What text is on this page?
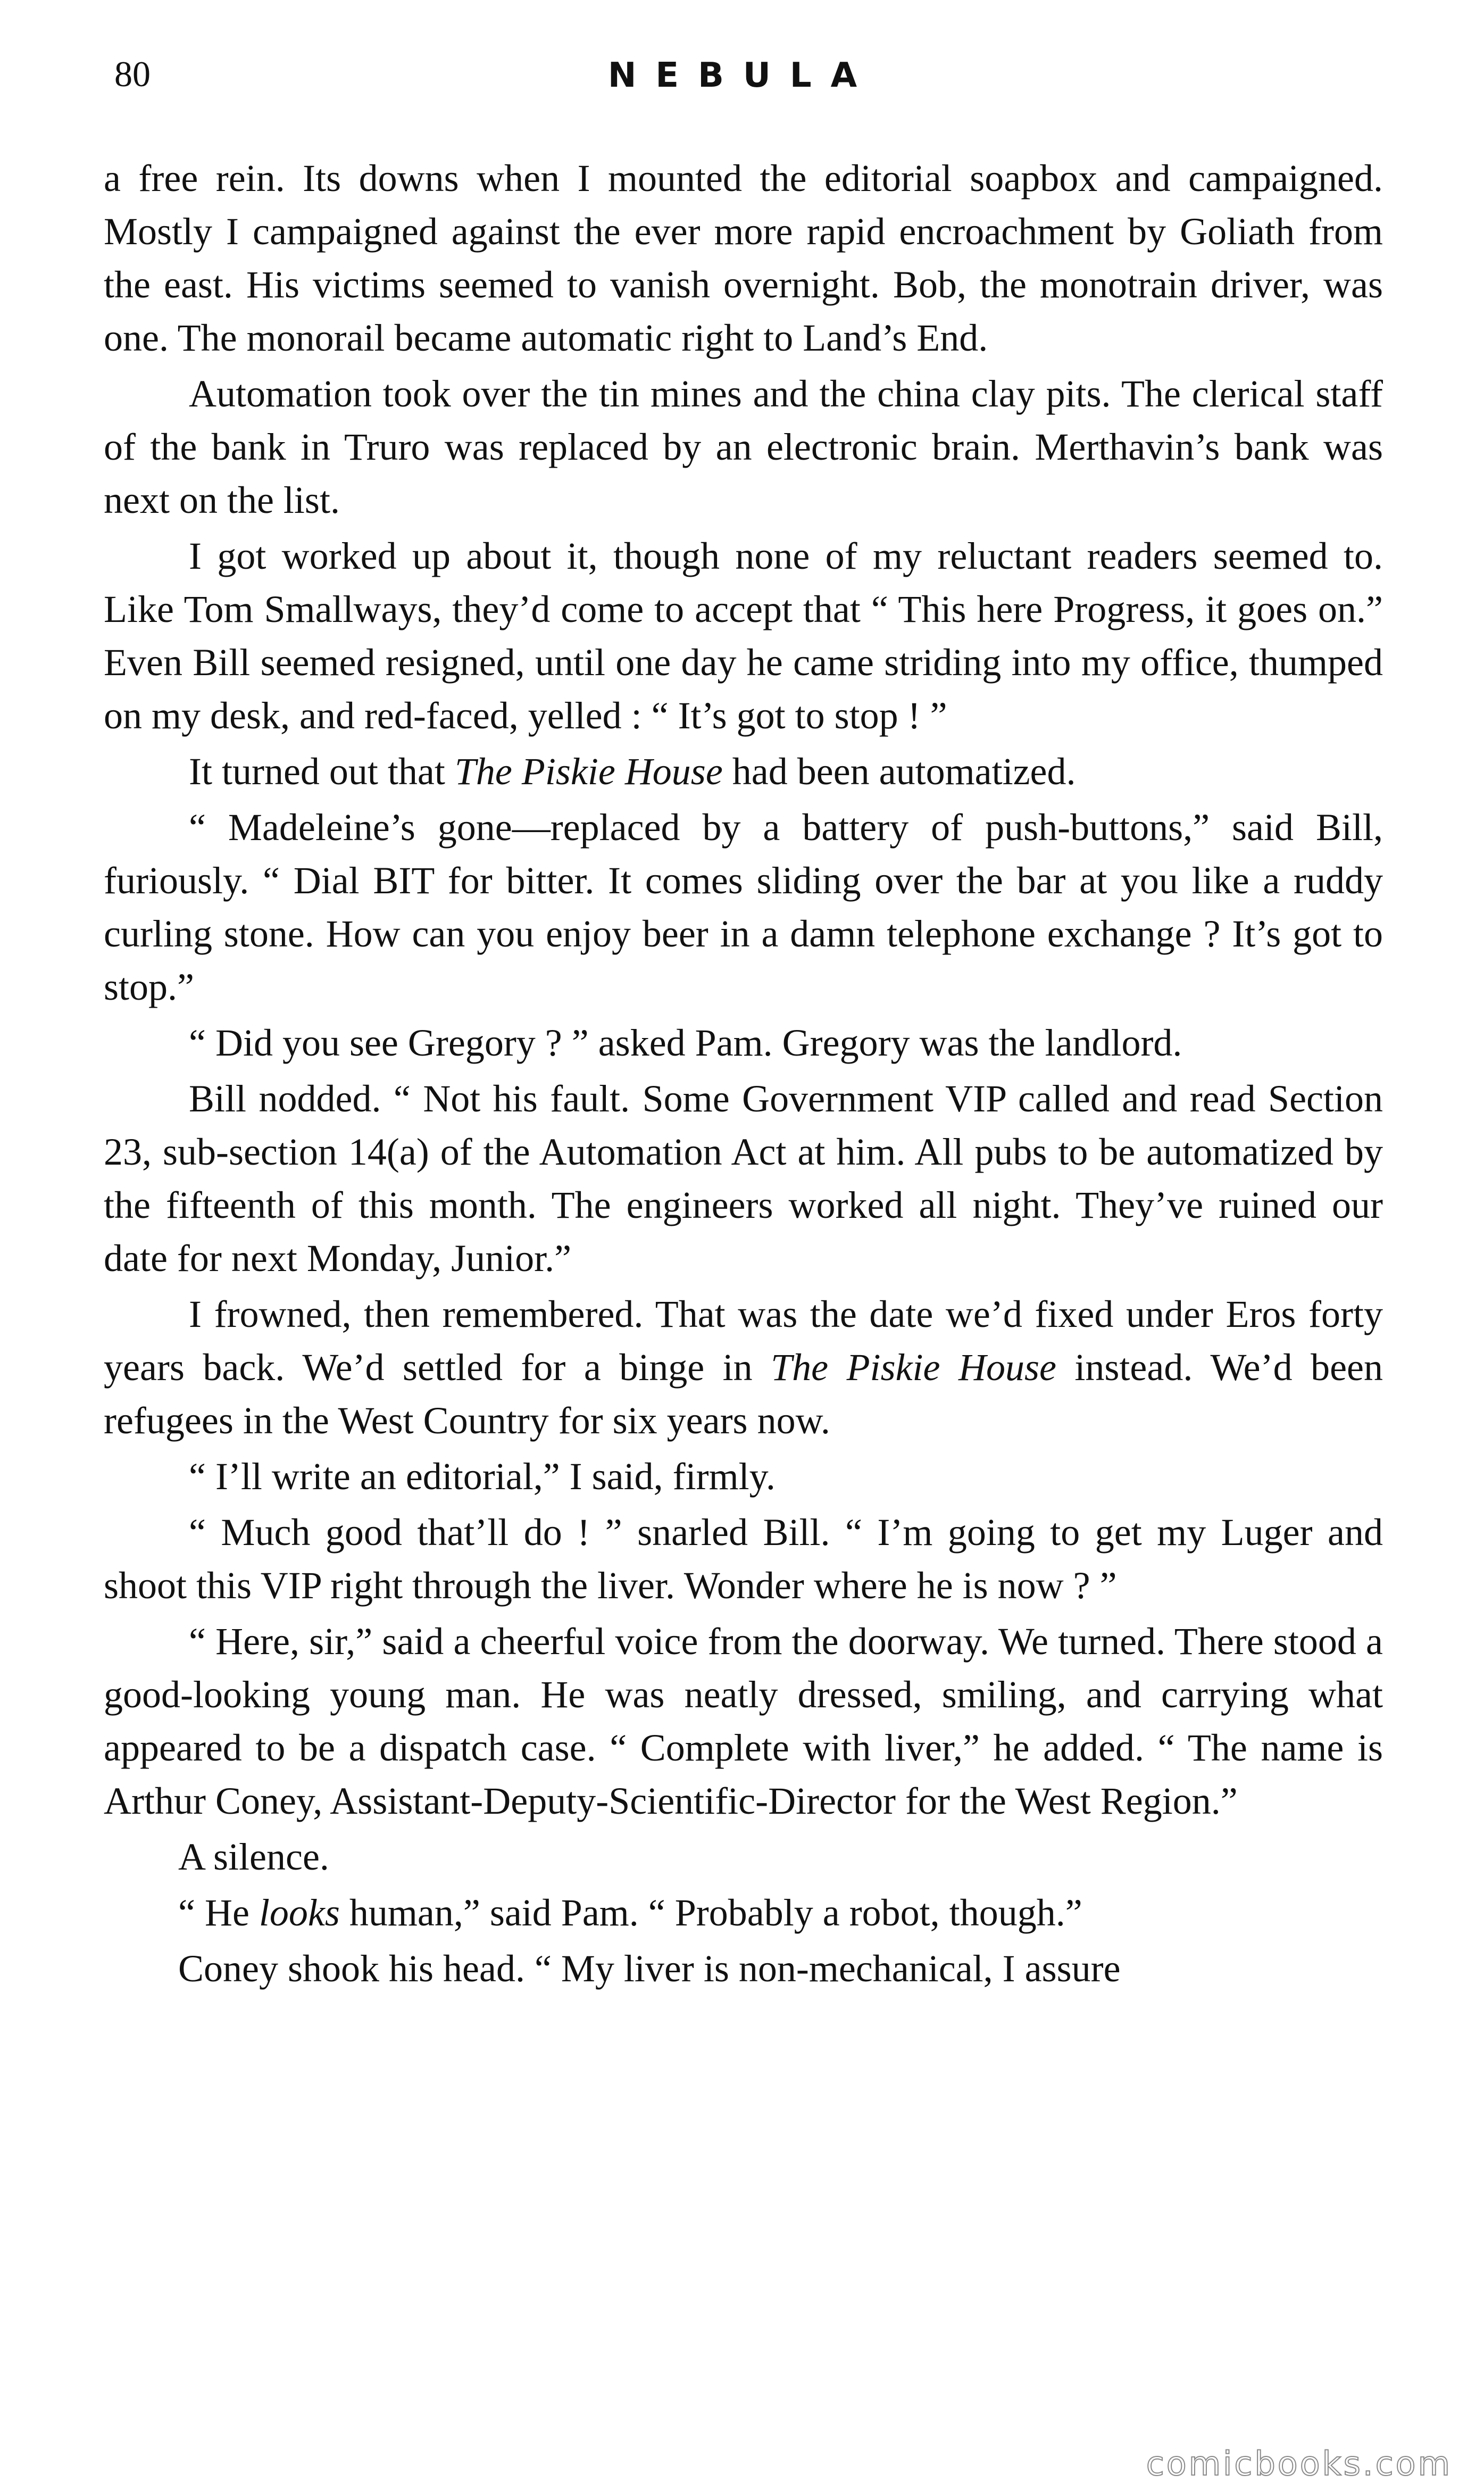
80	NEBULA

a free rein. Its downs when I mounted the editorial soapbox and campaigned. Mostly I campaigned against the ever more rapid encroachment by Goliath from the east. His victims seemed to vanish overnight. Bob, the monotrain driver, was one. The monorail became automatic right to Land’s End.

Automation took over the tin mines and the china clay pits. The clerical staff of the bank in Truro was replaced by an electronic brain. Merthavin’s bank was next on the list.

I got worked up about it, though none of my reluctant readers seemed to. Like Tom Smallways, they’d come to accept that “ This here Progress, it goes on.” Even Bill seemed resigned, until one day he came striding into my office, thumped on my desk, and red-faced, yelled : “ It’s got to stop ! ”

It turned out that The Piskie House had been automatized.

“ Madeleine’s gone—replaced by a battery of push-buttons,” said Bill, furiously. “ Dial BIT for bitter. It comes sliding over the bar at you like a ruddy curling stone. How can you enjoy beer in a damn telephone exchange ? It’s got to stop.”

“ Did you see Gregory ? ” asked Pam. Gregory was the landlord.

Bill nodded. “ Not his fault. Some Government VIP called and read Section 23, sub-section 14(a) of the Automation Act at him. All pubs to be automatized by the fifteenth of this month. The engineers worked all night. They’ve ruined our date for next Monday, Junior.”

I frowned, then remembered. That was the date we’d fixed under Eros forty years back. We’d settled for a binge in The Piskie House instead. We’d been refugees in the West Country for six years now.

“ I’ll write an editorial,” I said, firmly.

“ Much good that’ll do ! ” snarled Bill. “ I’m going to get my Luger and shoot this VIP right through the liver. Wonder where he is now ? ”

“ Here, sir,” said a cheerful voice from the doorway. We turned. There stood a good-looking young man. He was neatly dressed, smiling, and carrying what appeared to be a dispatch case. “ Complete with liver,” he added. “ The name is Arthur Coney, Assistant-Deputy-Scientific-Director for the West Region.”

A silence.

“ He looks human,” said Pam. “ Probably a robot, though.”

Coney shook his head. “ My liver is non-mechanical, I assure

comicbooks.com
